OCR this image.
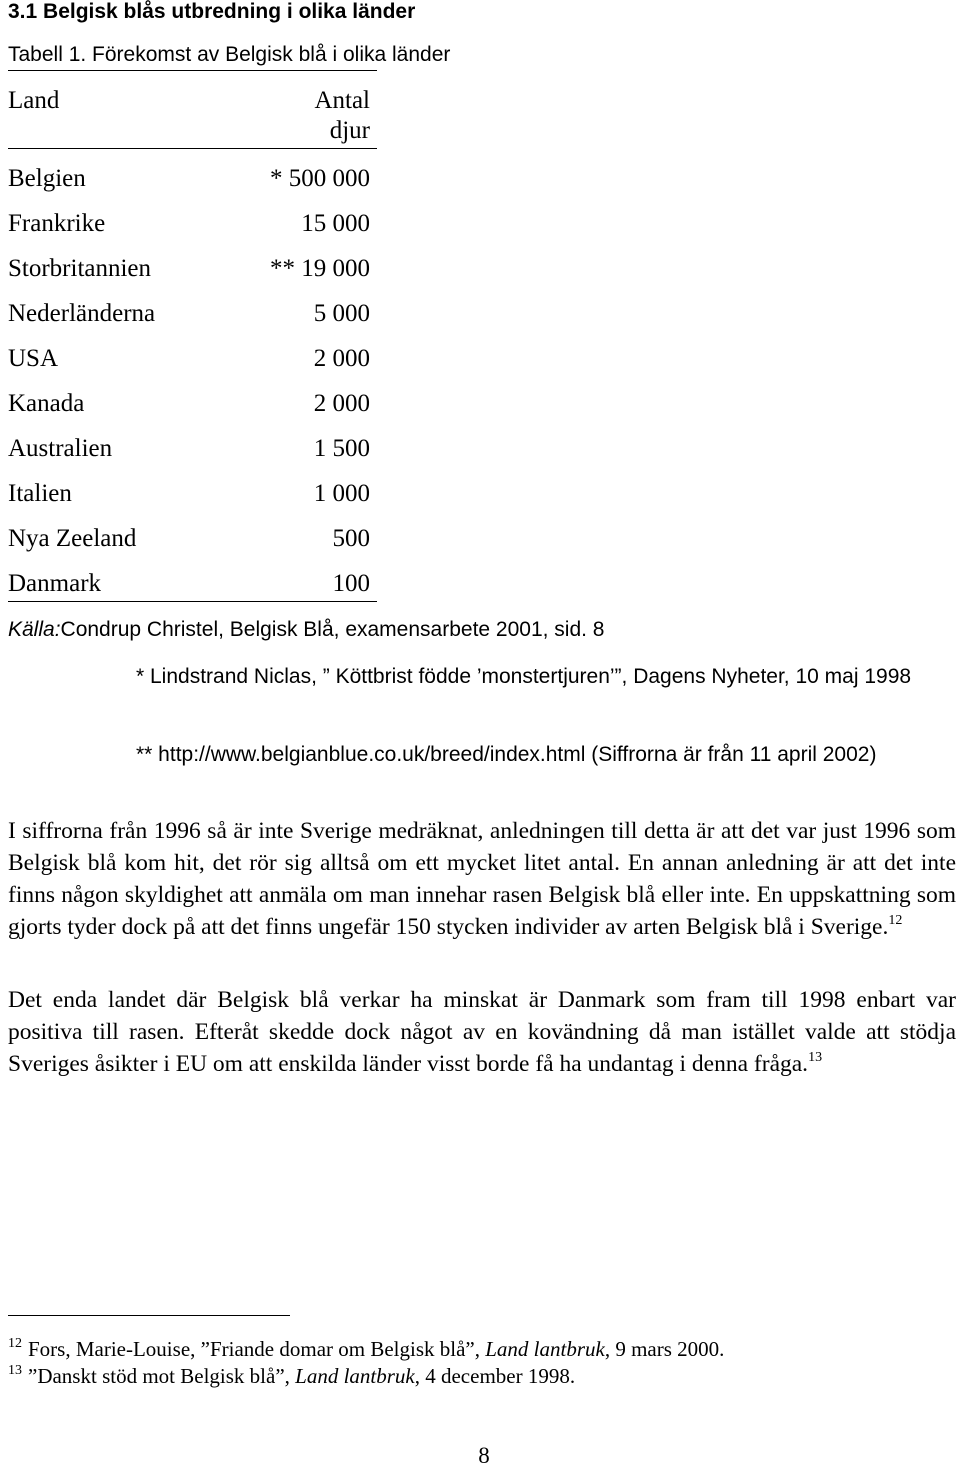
3.1 Belgisk blås utbredning i olika länder
Tabell 1. Förekomst av Belgisk blå i olika länder
Land	Antal
djur
Belgien	* 500 000
Frankrike	15 000
Storbritannien	** 19 000
Nederländerna	5 000
USA	2 000
Kanada	2 000
Australien	1 500
Italien	1 000
Nya Zeeland	500
Danmark	100
Källa:Condrup Christel, Belgisk Blå, examensarbete 2001, sid. 8
* Lindstrand Niclas, ” Köttbrist födde ’monstertjuren’”, Dagens Nyheter, 10 maj 1998
** http://www.belgianblue.co.uk/breed/index.html (Siffrorna är från 11 april 2002)
I siffrorna från 1996 så är inte Sverige medräknat, anledningen till detta är att det var just 1996 som Belgisk blå kom hit, det rör sig alltså om ett mycket litet antal. En annan anledning är att det inte finns någon skyldighet att anmäla om man innehar rasen Belgisk blå eller inte. En uppskattning som gjorts tyder dock på att det finns ungefär 150 stycken individer av arten Belgisk blå i Sverige.$^{12}$
Det enda landet där Belgisk blå verkar ha minskat är Danmark som fram till 1998 enbart var positiva till rasen. Efteråt skedde dock något av en kovändning då man istället valde att stödja Sveriges åsikter i EU om att enskilda länder visst borde få ha undantag i denna fråga.$^{13}$
$^{12}$ Fors, Marie-Louise, ”Friande domar om Belgisk blå”, Land lantbruk, 9 mars 2000.
$^{13}$ ”Danskt stöd mot Belgisk blå”, Land lantbruk, 4 december 1998.
8
